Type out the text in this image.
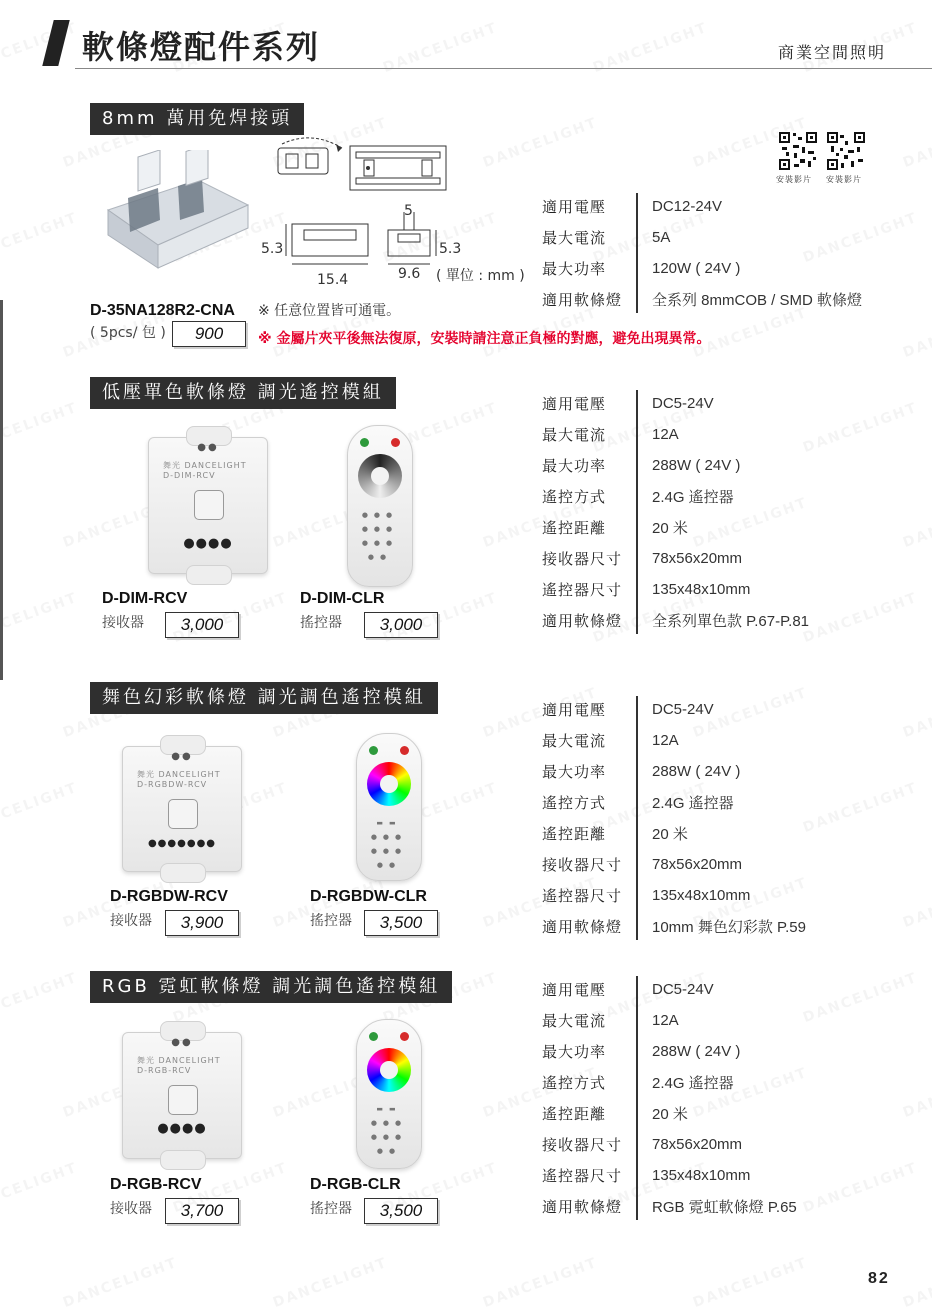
軟條燈配件系列	商業空間照明
8mm 萬用免焊接頭
安裝影片 安裝影片
5
5.3	5.3
15.4	9.6 ( 單位 : mm )
D-35NA128R2-CNA
( 5pcs/ 包 )	900
※ 任意位置皆可通電。
※ 金屬片夾平後無法復原，安裝時請注意正負極的對應，避免出現異常。
適用電壓	DC12-24V
最大電流	5A
最大功率	120W ( 24V )
適用軟條燈	全系列 8mmCOB / SMD 軟條燈
低壓單色軟條燈 調光遙控模組
●●
舞光 DANCELIGHT
D-DIM-RCV
●●●●
●●●
●●●
●●●
●●
D-DIM-RCV
接收器	3,000
D-DIM-CLR
搖控器	3,000
適用電壓	DC5-24V
最大電流	12A
最大功率	288W ( 24V )
遙控方式	2.4G 遙控器
遙控距離	20 米
接收器尺寸	78x56x20mm
遙控器尺寸	135x48x10mm
適用軟條燈	全系列單色款 P.67-P.81
舞色幻彩軟條燈 調光調色遙控模組
●●
舞光 DANCELIGHT
D-RGBDW-RCV
●●●●●●●
▬▬
●●●
●●●
●●
D-RGBDW-RCV
接收器	3,900
D-RGBDW-CLR
搖控器	3,500
適用電壓	DC5-24V
最大電流	12A
最大功率	288W ( 24V )
遙控方式	2.4G 遙控器
遙控距離	20 米
接收器尺寸	78x56x20mm
遙控器尺寸	135x48x10mm
適用軟條燈	10mm 舞色幻彩款 P.59
RGB 霓虹軟條燈 調光調色遙控模組
●●
舞光 DANCELIGHT
D-RGB-RCV
●●●●
▬▬
●●●
●●●
●●
D-RGB-RCV
接收器	3,700
D-RGB-CLR
搖控器	3,500
適用電壓	DC5-24V
最大電流	12A
最大功率	288W ( 24V )
遙控方式	2.4G 遙控器
遙控距離	20 米
接收器尺寸	78x56x20mm
遙控器尺寸	135x48x10mm
適用軟條燈	RGB 霓虹軟條燈 P.65
82
